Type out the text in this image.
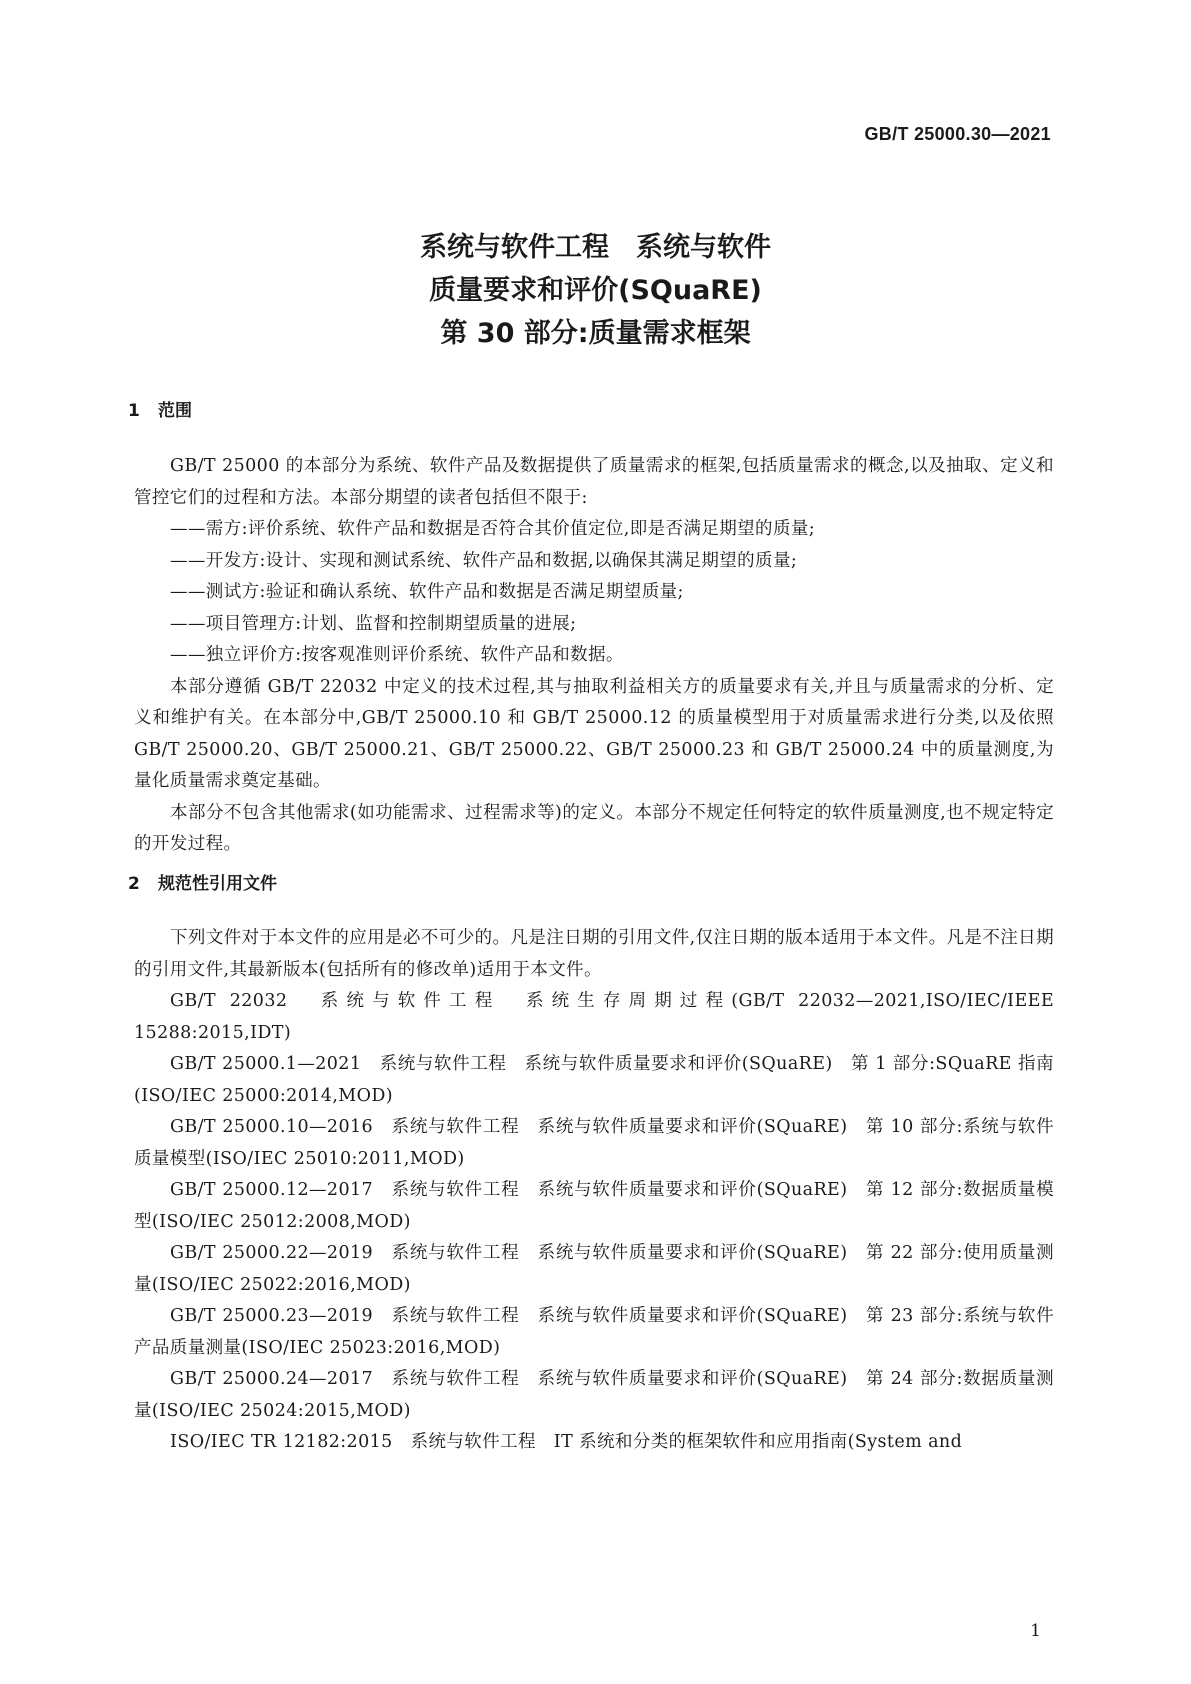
GB/T 25000.30—2021
系统与软件工程　系统与软件
质量要求和评价(SQuaRE)
第 30 部分:质量需求框架
1 范围

GB/T 25000 的本部分为系统、软件产品及数据提供了质量需求的框架,包括质量需求的概念,以及抽取、定义和管控它们的过程和方法。本部分期望的读者包括但不限于:

——需方:评价系统、软件产品和数据是否符合其价值定位,即是否满足期望的质量;

——开发方:设计、实现和测试系统、软件产品和数据,以确保其满足期望的质量;

——测试方:验证和确认系统、软件产品和数据是否满足期望质量;

——项目管理方:计划、监督和控制期望质量的进展;

——独立评价方:按客观准则评价系统、软件产品和数据。

本部分遵循 GB/T 22032 中定义的技术过程,其与抽取利益相关方的质量要求有关,并且与质量需求的分析、定义和维护有关。在本部分中,GB/T 25000.10 和 GB/T 25000.12 的质量模型用于对质量需求进行分类,以及依照 GB/T 25000.20、GB/T 25000.21、GB/T 25000.22、GB/T 25000.23 和 GB/T 25000.24 中的质量测度,为量化质量需求奠定基础。

本部分不包含其他需求(如功能需求、过程需求等)的定义。本部分不规定任何特定的软件质量测度,也不规定特定的开发过程。

2 规范性引用文件

下列文件对于本文件的应用是必不可少的。凡是注日期的引用文件,仅注日期的版本适用于本文件。凡是不注日期的引用文件,其最新版本(包括所有的修改单)适用于本文件。

GB/T 22032　系统与软件工程　系统生存周期过程(GB/T 22032—2021,ISO/IEC/IEEE 15288:2015,IDT)

GB/T 25000.1—2021　系统与软件工程　系统与软件质量要求和评价(SQuaRE)　第 1 部分:SQuaRE 指南(ISO/IEC 25000:2014,MOD)

GB/T 25000.10—2016　系统与软件工程　系统与软件质量要求和评价(SQuaRE)　第 10 部分:系统与软件质量模型(ISO/IEC 25010:2011,MOD)

GB/T 25000.12—2017　系统与软件工程　系统与软件质量要求和评价(SQuaRE)　第 12 部分:数据质量模型(ISO/IEC 25012:2008,MOD)

GB/T 25000.22—2019　系统与软件工程　系统与软件质量要求和评价(SQuaRE)　第 22 部分:使用质量测量(ISO/IEC 25022:2016,MOD)

GB/T 25000.23—2019　系统与软件工程　系统与软件质量要求和评价(SQuaRE)　第 23 部分:系统与软件产品质量测量(ISO/IEC 25023:2016,MOD)

GB/T 25000.24—2017　系统与软件工程　系统与软件质量要求和评价(SQuaRE)　第 24 部分:数据质量测量(ISO/IEC 25024:2015,MOD)

ISO/IEC TR 12182:2015　系统与软件工程　IT 系统和分类的框架软件和应用指南(System and

1
